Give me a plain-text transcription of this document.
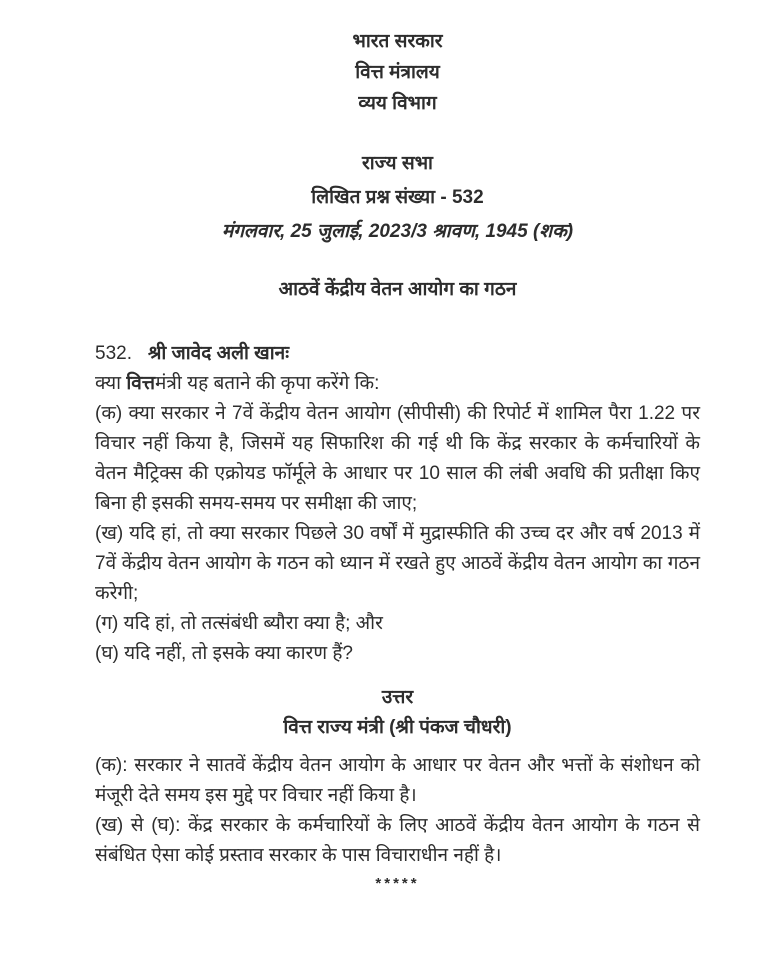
भारत सरकार
वित्त मंत्रालय
व्यय विभाग
राज्य सभा
लिखित प्रश्न संख्या - 532
मंगलवार, 25 जुलाई, 2023/3 श्रावण, 1945 (शक)
आठवें केंद्रीय वेतन आयोग का गठन
532. श्री जावेद अली खानः
क्या वित्तमंत्री यह बताने की कृपा करेंगे कि:

(क) क्या सरकार ने 7वें केंद्रीय वेतन आयोग (सीपीसी) की रिपोर्ट में शामिल पैरा 1.22 पर विचार नहीं किया है, जिसमें यह सिफारिश की गई थी कि केंद्र सरकार के कर्मचारियों के वेतन मैट्रिक्स की एक्रोयड फॉर्मूले के आधार पर 10 साल की लंबी अवधि की प्रतीक्षा किए बिना ही इसकी समय-समय पर समीक्षा की जाए;

(ख) यदि हां, तो क्या सरकार पिछले 30 वर्षों में मुद्रास्फीति की उच्च दर और वर्ष 2013 में 7वें केंद्रीय वेतन आयोग के गठन को ध्यान में रखते हुए आठवें केंद्रीय वेतन आयोग का गठन करेगी;

(ग) यदि हां, तो तत्संबंधी ब्यौरा क्या है; और

(घ) यदि नहीं, तो इसके क्या कारण हैं?

उत्तर
वित्त राज्य मंत्री (श्री पंकज चौधरी)

(क): सरकार ने सातवें केंद्रीय वेतन आयोग के आधार पर वेतन और भत्तों के संशोधन को मंजूरी देते समय इस मुद्दे पर विचार नहीं किया है।

(ख) से (घ): केंद्र सरकार के कर्मचारियों के लिए आठवें केंद्रीय वेतन आयोग के गठन से संबंधित ऐसा कोई प्रस्ताव सरकार के पास विचाराधीन नहीं है।

*****
